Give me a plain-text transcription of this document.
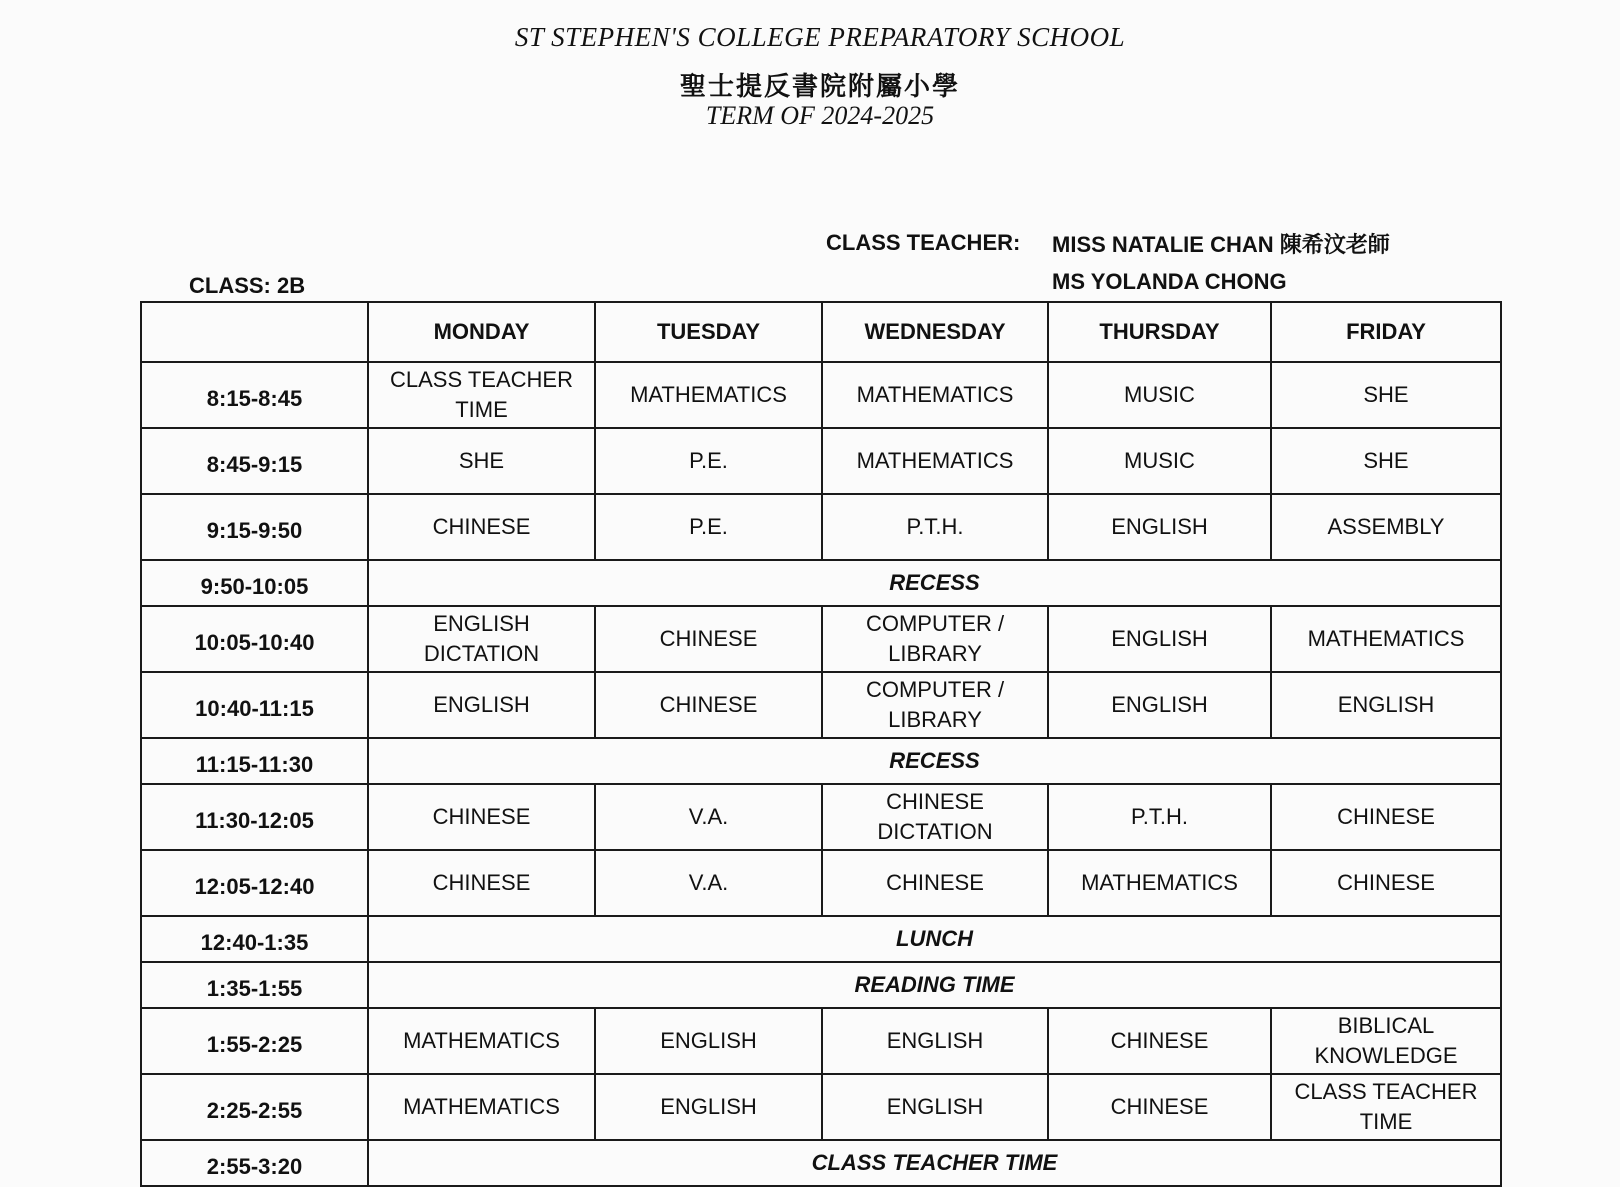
ST STEPHEN'S COLLEGE PREPARATORY SCHOOL
聖士提反書院附屬小學
TERM OF 2024-2025
CLASS TEACHER: MISS NATALIE CHAN 陳希汶老師
MS YOLANDA CHONG
CLASS: 2B
	MONDAY	TUESDAY	WEDNESDAY	THURSDAY	FRIDAY
8:15-8:45	CLASS TEACHER TIME	MATHEMATICS	MATHEMATICS	MUSIC	SHE
8:45-9:15	SHE	P.E.	MATHEMATICS	MUSIC	SHE
9:15-9:50	CHINESE	P.E.	P.T.H.	ENGLISH	ASSEMBLY
9:50-10:05	RECESS				
10:05-10:40	ENGLISH DICTATION	CHINESE	COMPUTER / LIBRARY	ENGLISH	MATHEMATICS
10:40-11:15	ENGLISH	CHINESE	COMPUTER / LIBRARY	ENGLISH	ENGLISH
11:15-11:30	RECESS				
11:30-12:05	CHINESE	V.A.	CHINESE DICTATION	P.T.H.	CHINESE
12:05-12:40	CHINESE	V.A.	CHINESE	MATHEMATICS	CHINESE
12:40-1:35	LUNCH				
1:35-1:55	READING TIME				
1:55-2:25	MATHEMATICS	ENGLISH	ENGLISH	CHINESE	BIBLICAL KNOWLEDGE
2:25-2:55	MATHEMATICS	ENGLISH	ENGLISH	CHINESE	CLASS TEACHER TIME
2:55-3:20	CLASS TEACHER TIME				
